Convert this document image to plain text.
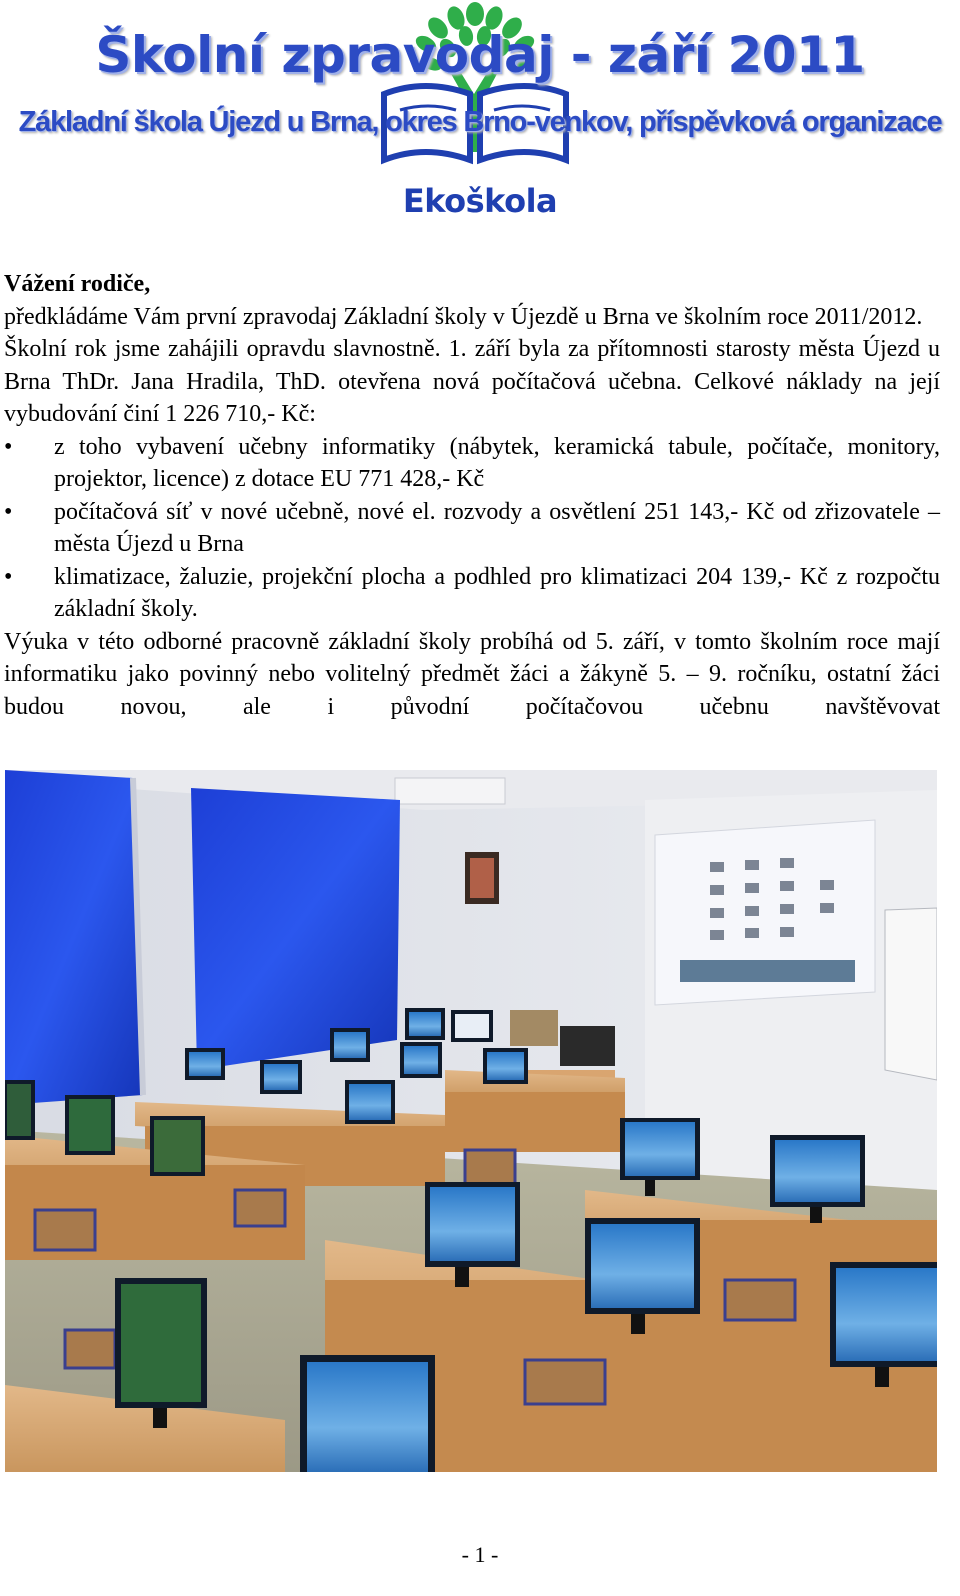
Školní zpravodaj - září 2011
Základní škola Újezd u Brna, okres Brno-venkov, příspěvková organizace
Ekoškola

Vážení rodiče,

předkládáme Vám první zpravodaj Základní školy v Újezdě u Brna ve školním roce 2011/2012.

Školní rok jsme zahájili opravdu slavnostně. 1. září byla za přítomnosti starosty města Újezd u Brna ThDr. Jana Hradila, ThD. otevřena nová počítačová učebna. Celkové náklady na její vybudování činí 1 226 710,- Kč:

• z toho vybavení učebny informatiky (nábytek, keramická tabule, počítače, monitory, projektor, licence) z dotace EU 771 428,- Kč
• počítačová síť v nové učebně, nové el. rozvody a osvětlení 251 143,- Kč od zřizovatele – města Újezd u Brna
• klimatizace, žaluzie, projekční plocha a podhled pro klimatizaci 204 139,- Kč z rozpočtu základní školy.

Výuka v této odborné pracovně základní školy probíhá od 5. září, v tomto školním roce mají informatiku jako povinný nebo volitelný předmět žáci a žákyně 5. – 9. ročníku, ostatní žáci budou novou, ale i původní počítačovou učebnu navštěvovat

- 1 -
